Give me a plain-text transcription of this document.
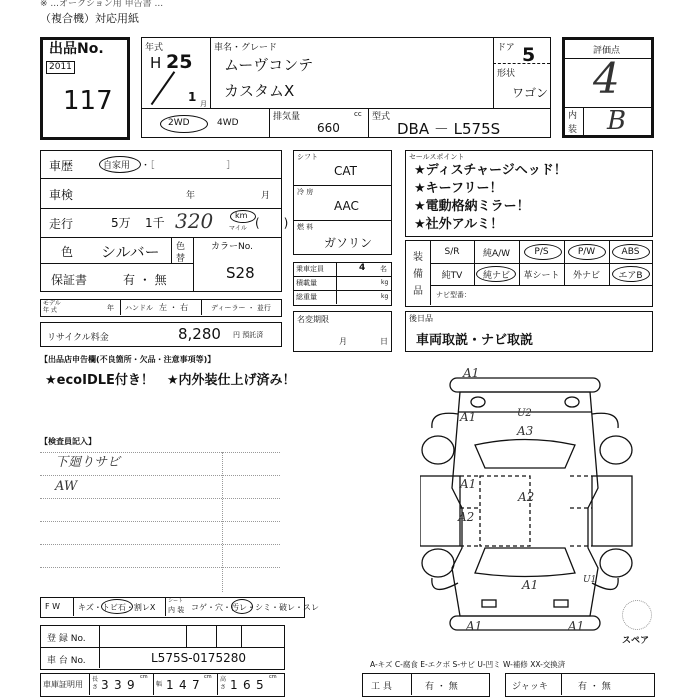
※ ...オークション用 申告書 ...
（複合機）対応用紙
出品No.
2011
117
年式
H 25
1 月
車名・グレード
ムーヴコンテ
カスタムX
ドア 5
形状
ワゴン
2WD	4WD
排気量	cc
660
型式
DBA － L575S
評価点
4
内
装 B
車歴	自家用 ・［　　　　　　　　］
車検	年	月
走行	5万 1千 320	km
マイル (　　)
色 シルバー 色
替
カラーNo.
S28
保証書	有 ・ 無
モデル
年 式	年 ハンドル 左 ・ 右	ディーラー ・ 並行
リサイクル料金	8,280 円 預託済
シフト
CAT
冷 房
AAC
燃 料
ガソリン
乗車定員	4 名
積載量	kg
総重量	kg
名変期限
月	日
セールスポイント
★ディスチャージヘッド！
★キーフリー！
★電動格納ミラー！
★社外アルミ！
装備品
S/R	純A/W	P/S	P/W	ABS
純TV	純ナビ	革シート	外ナビ	エアB
ナビ型番：
後日品
車両取説・ナビ取説
【出品店申告欄(不良箇所・欠品・注意事項等)】
★ecoIDLE付き！　★内外装仕上げ済み！
【検査員記入】
下廻りサビ
AW
A1
A1	U2
A3
A1
A2
A2
A1	U1
A1	A1
スペア
A-キズ C-腐食 E-エクボ S-サビ U-凹ミ W-補修 XX-交換済
F W キズ・トビ石・割レX
シート
内 装 コゲ・穴・汚レ・シミ・破レ・スレ
登 録 No.
車 台 No.	L575S-0175280
車庫証明用
長さ 3 3 9
cm
幅 1 4 7
cm 高さ 1 6 5
cm
工 具	有 ・ 無	ジャッキ	有 ・ 無
